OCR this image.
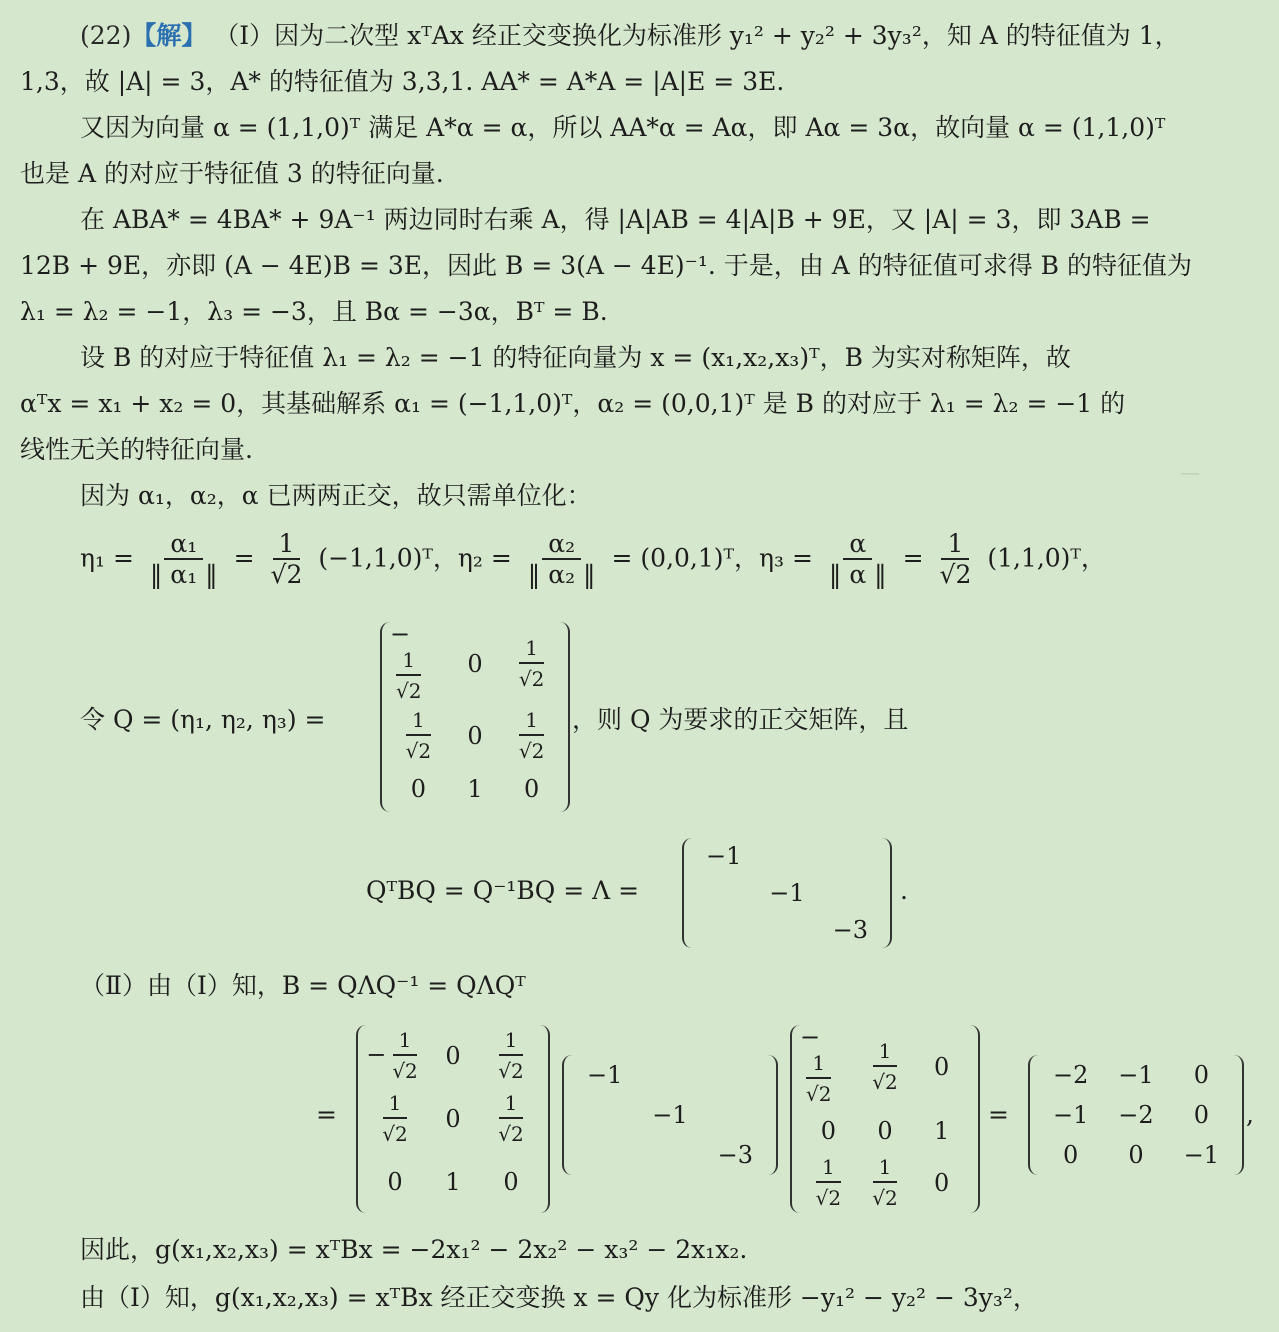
—
(22)【解】 （Ⅰ）因为二次型 xᵀAx 经正交变换化为标准形 y₁² + y₂² + 3y₃²，知 A 的特征值为 1，
1,3，故 |A| = 3，A* 的特征值为 3,3,1. AA* = A*A = |A|E = 3E.
又因为向量 α = (1,1,0)ᵀ 满足 A*α = α，所以 AA*α = Aα，即 Aα = 3α，故向量 α = (1,1,0)ᵀ
也是 A 的对应于特征值 3 的特征向量.
在 ABA* = 4BA* + 9A⁻¹ 两边同时右乘 A，得 |A|AB = 4|A|B + 9E，又 |A| = 3，即 3AB =
12B + 9E，亦即 (A − 4E)B = 3E，因此 B = 3(A − 4E)⁻¹. 于是，由 A 的特征值可求得 B 的特征值为
λ₁ = λ₂ = −1，λ₃ = −3，且 Bα = −3α，Bᵀ = B.
设 B 的对应于特征值 λ₁ = λ₂ = −1 的特征向量为 x = (x₁,x₂,x₃)ᵀ，B 为实对称矩阵，故
αᵀx = x₁ + x₂ = 0，其基础解系 α₁ = (−1,1,0)ᵀ，α₂ = (0,0,1)ᵀ 是 B 的对应于 λ₁ = λ₂ = −1 的
线性无关的特征向量.
因为 α₁，α₂，α 已两两正交，故只需单位化：
$\eta_1 = \frac{\text{α₁}}{\text{‖ α₁ ‖}} = \frac{1}{√2}$ (−1,1,0)ᵀ，$\eta_2 = \frac{\text{α₂}}{\text{‖ α₂ ‖}}$ = (0,0,1)ᵀ，$\eta_3 = \frac{\alpha}{‖ \alpha ‖} = \frac{1}{√2}$ (1,1,0)ᵀ，
令 Q = (η₁, η₂, η₃) =
−
$\frac{1}{√2} 0 \frac{1}{√2}$
$\frac{1}{√2} 0 \frac{1}{√2}$
0 1 0
，则 Q 为要求的正交矩阵，且
QᵀBQ = Q⁻¹BQ = Λ =
−1
−1
−3
.
（Ⅱ）由（Ⅰ）知，B = QΛQ⁻¹ = QΛQᵀ
=
− $\frac{1}{√2} 0 \frac{1}{√2}$
$\frac{1}{√2} 0 \frac{1}{√2}$
0 1 0
−1
−1
−3
−
$\frac{1}{√2} \frac{1}{√2} 0$
0 0 1
$\frac{1}{√2} \frac{1}{√2} 0$
=
−2 −1 0
−1 −2 0
0 0 −1
,
因此，g(x₁,x₂,x₃) = xᵀBx = −2x₁² − 2x₂² − x₃² − 2x₁x₂.
由（Ⅰ）知，g(x₁,x₂,x₃) = xᵀBx 经正交变换 x = Qy 化为标准形 −y₁² − y₂² − 3y₃²，
